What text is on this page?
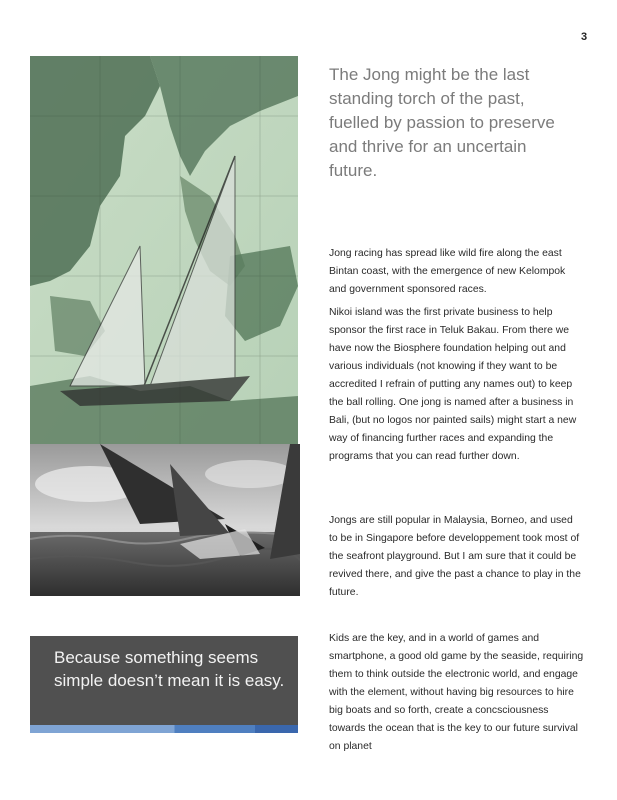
3
The Jong might be the last standing torch of the past, fuelled by passion to preserve and thrive for an uncertain future.
Jong racing has spread like wild fire along the east Bintan coast, with the emergence of new Kelompok and government sponsored races.
Nikoi island was the first private business to help sponsor the first race in Teluk Bakau. From there we have now the Biosphere foundation helping out and various individuals (not knowing if they want to be accredited I refrain of putting any names out) to keep the ball rolling. One jong is named after a business in Bali, (but no logos nor painted sails) might start a new way of financing further races and expanding the programs that you can read further down.
Jongs are still popular in Malaysia, Borneo, and used to be in Singapore before developpement took most of the seafront playground. But I am sure that it could be revived there, and give the past a chance to play in the future.
Kids are the key, and in a world of games and smartphone, a good old game by the seaside, requiring them to think outside the electronic world, and engage with the element, without having big resources to hire big boats and so forth, create a concsciousness towards the ocean that is the key to our future survival on planet
Because something seems simple doesn’t mean it is easy.
